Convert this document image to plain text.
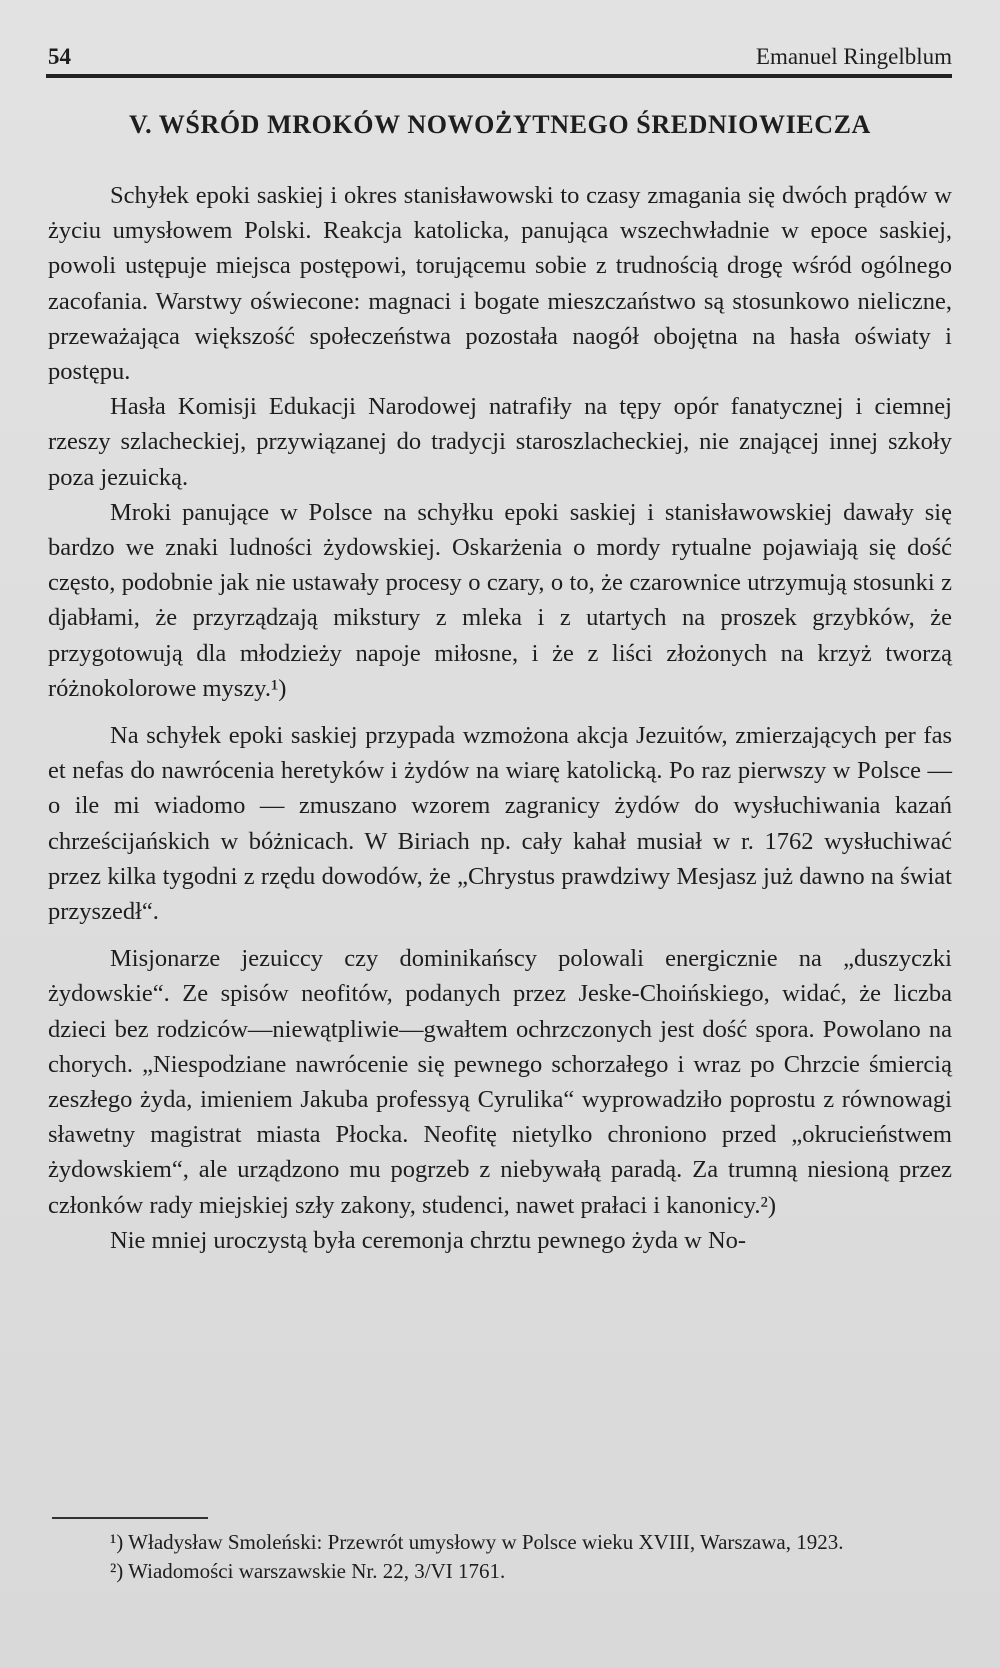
54	Emanuel Ringelblum
V. WŚRÓD MROKÓW NOWOŻYTNEGO ŚREDNIOWIECZA

Schyłek epoki saskiej i okres stanisławowski to czasy zmagania się dwóch prądów w życiu umysłowem Polski. Reakcja katolicka, panująca wszechwładnie w epoce saskiej, powoli ustępuje miejsca postępowi, torującemu sobie z trudnością drogę wśród ogólnego zacofania. Warstwy oświecone: magnaci i bogate mieszczaństwo są stosunkowo nieliczne, przeważająca większość społeczeństwa pozostała naogół obojętna na hasła oświaty i postępu.

Hasła Komisji Edukacji Narodowej natrafiły na tępy opór fanatycznej i ciemnej rzeszy szlacheckiej, przywiązanej do tradycji staroszlacheckiej, nie znającej innej szkoły poza jezuicką.

Mroki panujące w Polsce na schyłku epoki saskiej i stanisławowskiej dawały się bardzo we znaki ludności żydowskiej. Oskarżenia o mordy rytualne pojawiają się dość często, podobnie jak nie ustawały procesy o czary, o to, że czarownice utrzymują stosunki z djabłami, że przyrządzają mikstury z mleka i z utartych na proszek grzybków, że przygotowują dla młodzieży napoje miłosne, i że z liści złożonych na krzyż tworzą różnokolorowe myszy.¹)

Na schyłek epoki saskiej przypada wzmożona akcja Jezuitów, zmierzających per fas et nefas do nawrócenia heretyków i żydów na wiarę katolicką. Po raz pierwszy w Polsce — o ile mi wiadomo — zmuszano wzorem zagranicy żydów do wysłuchiwania kazań chrześcijańskich w bóżnicach. W Biriach np. cały kahał musiał w r. 1762 wysłuchiwać przez kilka tygodni z rzędu dowodów, że „Chrystus prawdziwy Mesjasz już dawno na świat przyszedł“.

Misjonarze jezuiccy czy dominikańscy polowali energicznie na „duszyczki żydowskie“. Ze spisów neofitów, podanych przez Jeske-Choińskiego, widać, że liczba dzieci bez rodziców—niewątpliwie—gwałtem ochrzczonych jest dość spora. Powolano na chorych. „Niespodziane nawrócenie się pewnego schorzałego i wraz po Chrzcie śmiercią zeszłego żyda, imieniem Jakuba professyą Cyrulika“ wyprowadziło poprostu z równowagi sławetny magistrat miasta Płocka. Neofitę nietylko chroniono przed „okrucieństwem żydowskiem“, ale urządzono mu pogrzeb z niebywałą paradą. Za trumną niesioną przez członków rady miejskiej szły zakony, studenci, nawet prałaci i kanonicy.²)

Nie mniej uroczystą była ceremonja chrztu pewnego żyda w No-

¹) Władysław Smoleński: Przewrót umysłowy w Polsce wieku XVIII, Warszawa, 1923.

²) Wiadomości warszawskie Nr. 22, 3/VI 1761.
